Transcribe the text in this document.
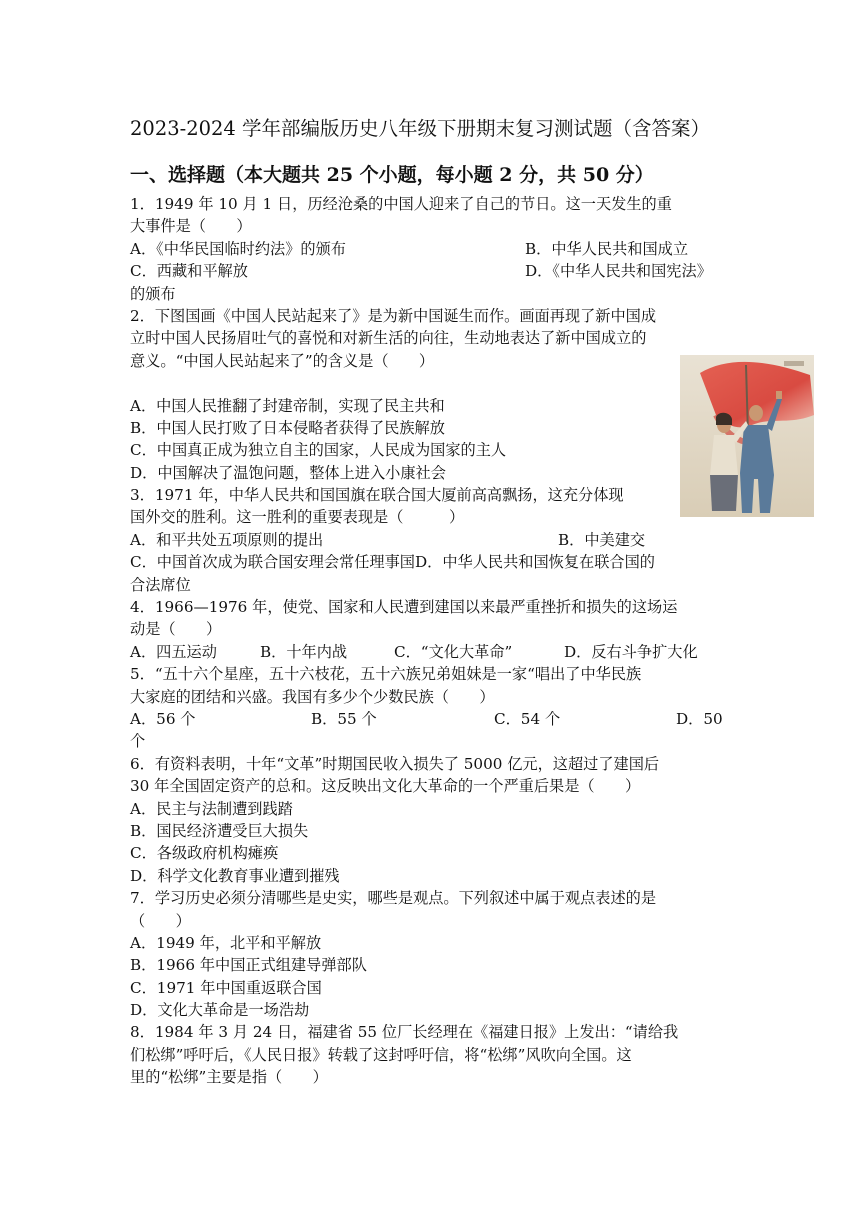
2023-2024 学年部编版历史八年级下册期末复习测试题（含答案）
一、选择题（本大题共 25 个小题，每小题 2 分，共 50 分）
1．1949 年 10 月 1 日，历经沧桑的中国人迎来了自己的节日。这一天发生的重
大事件是（　　）
A．《中华民国临时约法》的颁布	B．中华人民共和国成立
C．西藏和平解放	D．《中华人民共和国宪法》
的颁布
2．下图国画《中国人民站起来了》是为新中国诞生而作。画面再现了新中国成
立时中国人民扬眉吐气的喜悦和对新生活的向往，生动地表达了新中国成立的
意义。“中国人民站起来了”的含义是（　　）
A．中国人民推翻了封建帝制，实现了民主共和
B．中国人民打败了日本侵略者获得了民族解放
C．中国真正成为独立自主的国家，人民成为国家的主人
D．中国解决了温饱问题，整体上进入小康社会
3．1971 年，中华人民共和国国旗在联合国大厦前高高飘扬，这充分体现
国外交的胜利。这一胜利的重要表现是（　　　）
A．和平共处五项原则的提出	B．中美建交
C．中国首次成为联合国安理会常任理事国 D．中华人民共和国恢复在联合国的
合法席位
4．1966—1976 年，使党、国家和人民遭到建国以来最严重挫折和损失的这场运
动是（　　）
A．四五运动	B．十年内战	C．“文化大革命”	D．反右斗争扩大化
5．“五十六个星座，五十六枝花，五十六族兄弟姐妹是一家“唱出了中华民族
大家庭的团结和兴盛。我国有多少个少数民族（　　）
A．56 个	B．55 个	C．54 个	D．50
个
6．有资料表明，十年“文革”时期国民收入损失了 5000 亿元，这超过了建国后
30 年全国固定资产的总和。这反映出文化大革命的一个严重后果是（　　）
A．民主与法制遭到践踏
B．国民经济遭受巨大损失
C．各级政府机构瘫痪
D．科学文化教育事业遭到摧残
7．学习历史必须分清哪些是史实，哪些是观点。下列叙述中属于观点表述的是
（　　）
A．1949 年，北平和平解放
B．1966 年中国正式组建导弹部队
C．1971 年中国重返联合国
D．文化大革命是一场浩劫
8．1984 年 3 月 24 日，福建省 55 位厂长经理在《福建日报》上发出：“请给我
们松绑”呼吁后，《人民日报》转载了这封呼吁信，将“松绑”风吹向全国。这
里的“松绑”主要是指（　　）
